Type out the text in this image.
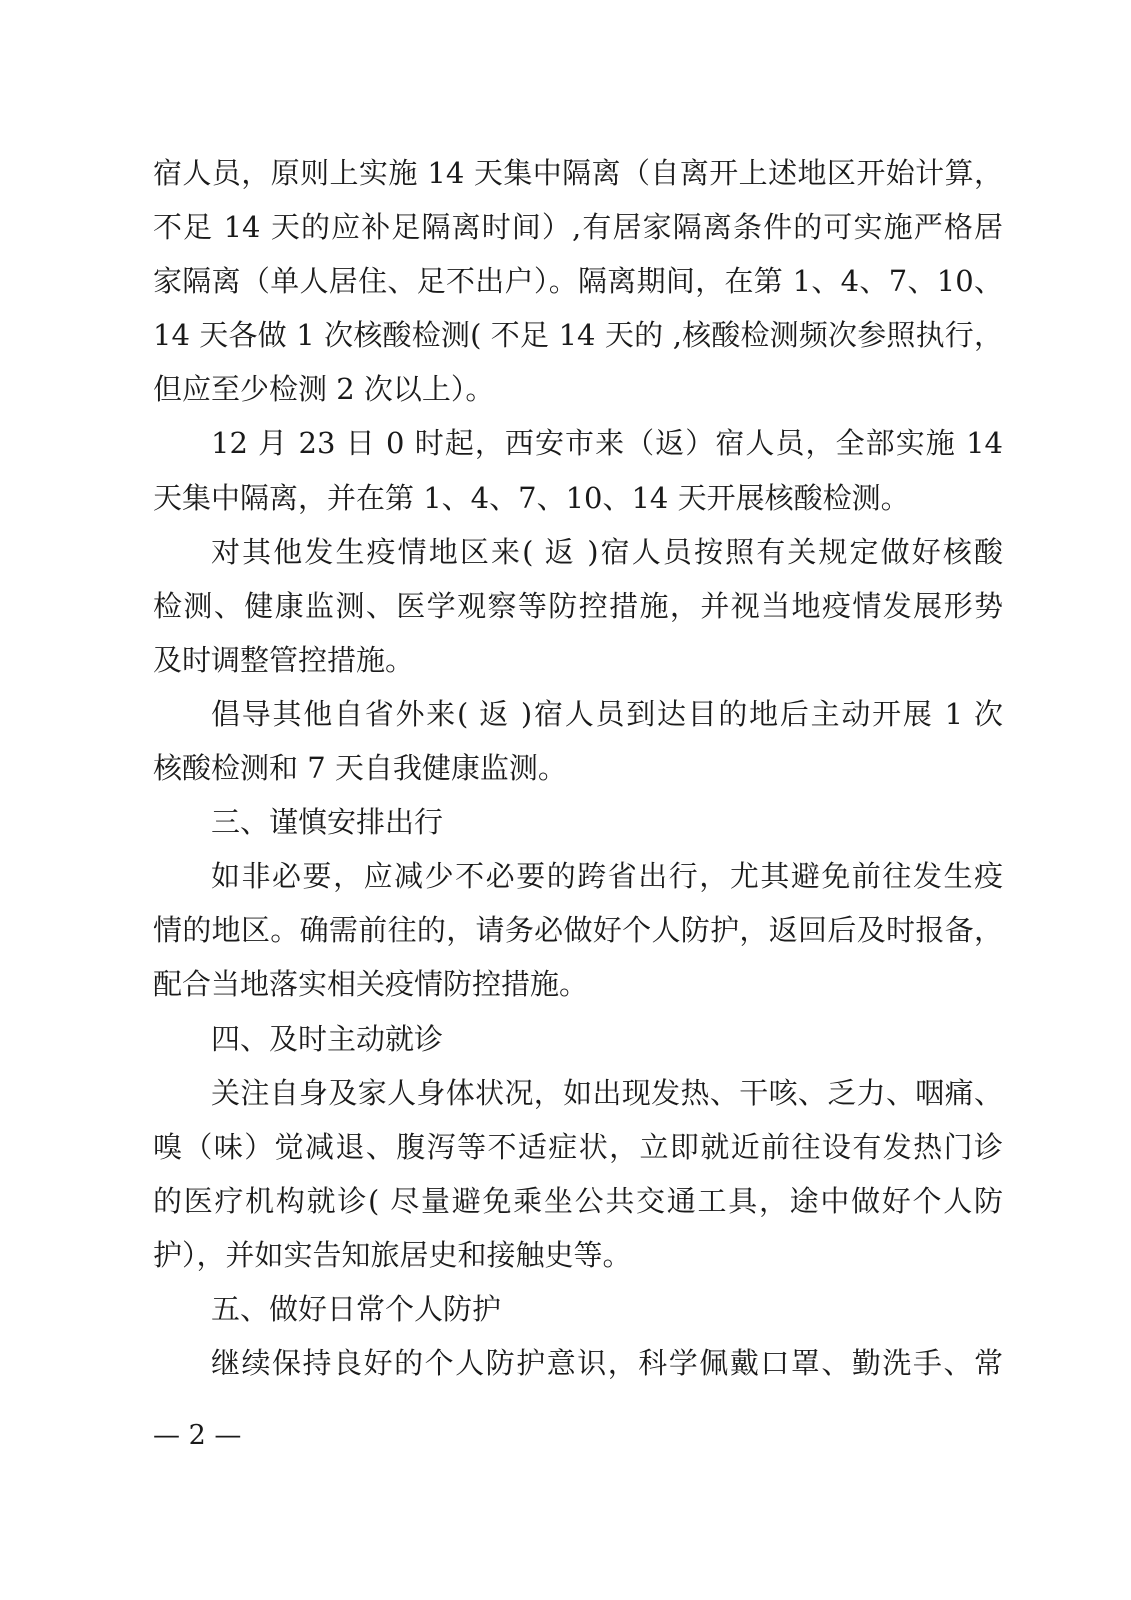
宿人员，原则上实施 14 天集中隔离（自离开上述地区开始计算，
不足 14 天的应补足隔离时间）,有居家隔离条件的可实施严格居
家隔离（单人居住、足不出户）。隔离期间，在第 1、4、7、10、
14 天各做 1 次核酸检测( 不足 14 天的 ,核酸检测频次参照执行，
但应至少检测 2 次以上）。
12 月 23 日 0 时起，西安市来（返）宿人员，全部实施 14
天集中隔离，并在第 1、4、7、10、14 天开展核酸检测。
对其他发生疫情地区来( 返 )宿人员按照有关规定做好核酸
检测、健康监测、医学观察等防控措施，并视当地疫情发展形势
及时调整管控措施。
倡导其他自省外来( 返 )宿人员到达目的地后主动开展 1 次
核酸检测和 7 天自我健康监测。
三、谨慎安排出行
如非必要，应减少不必要的跨省出行，尤其避免前往发生疫
情的地区。确需前往的，请务必做好个人防护，返回后及时报备，
配合当地落实相关疫情防控措施。
四、及时主动就诊
关注自身及家人身体状况，如出现发热、干咳、乏力、咽痛、
嗅（味）觉减退、腹泻等不适症状，立即就近前往设有发热门诊
的医疗机构就诊( 尽量避免乘坐公共交通工具，途中做好个人防
护），并如实告知旅居史和接触史等。
五、做好日常个人防护
继续保持良好的个人防护意识，科学佩戴口罩、勤洗手、常
— 2 —
